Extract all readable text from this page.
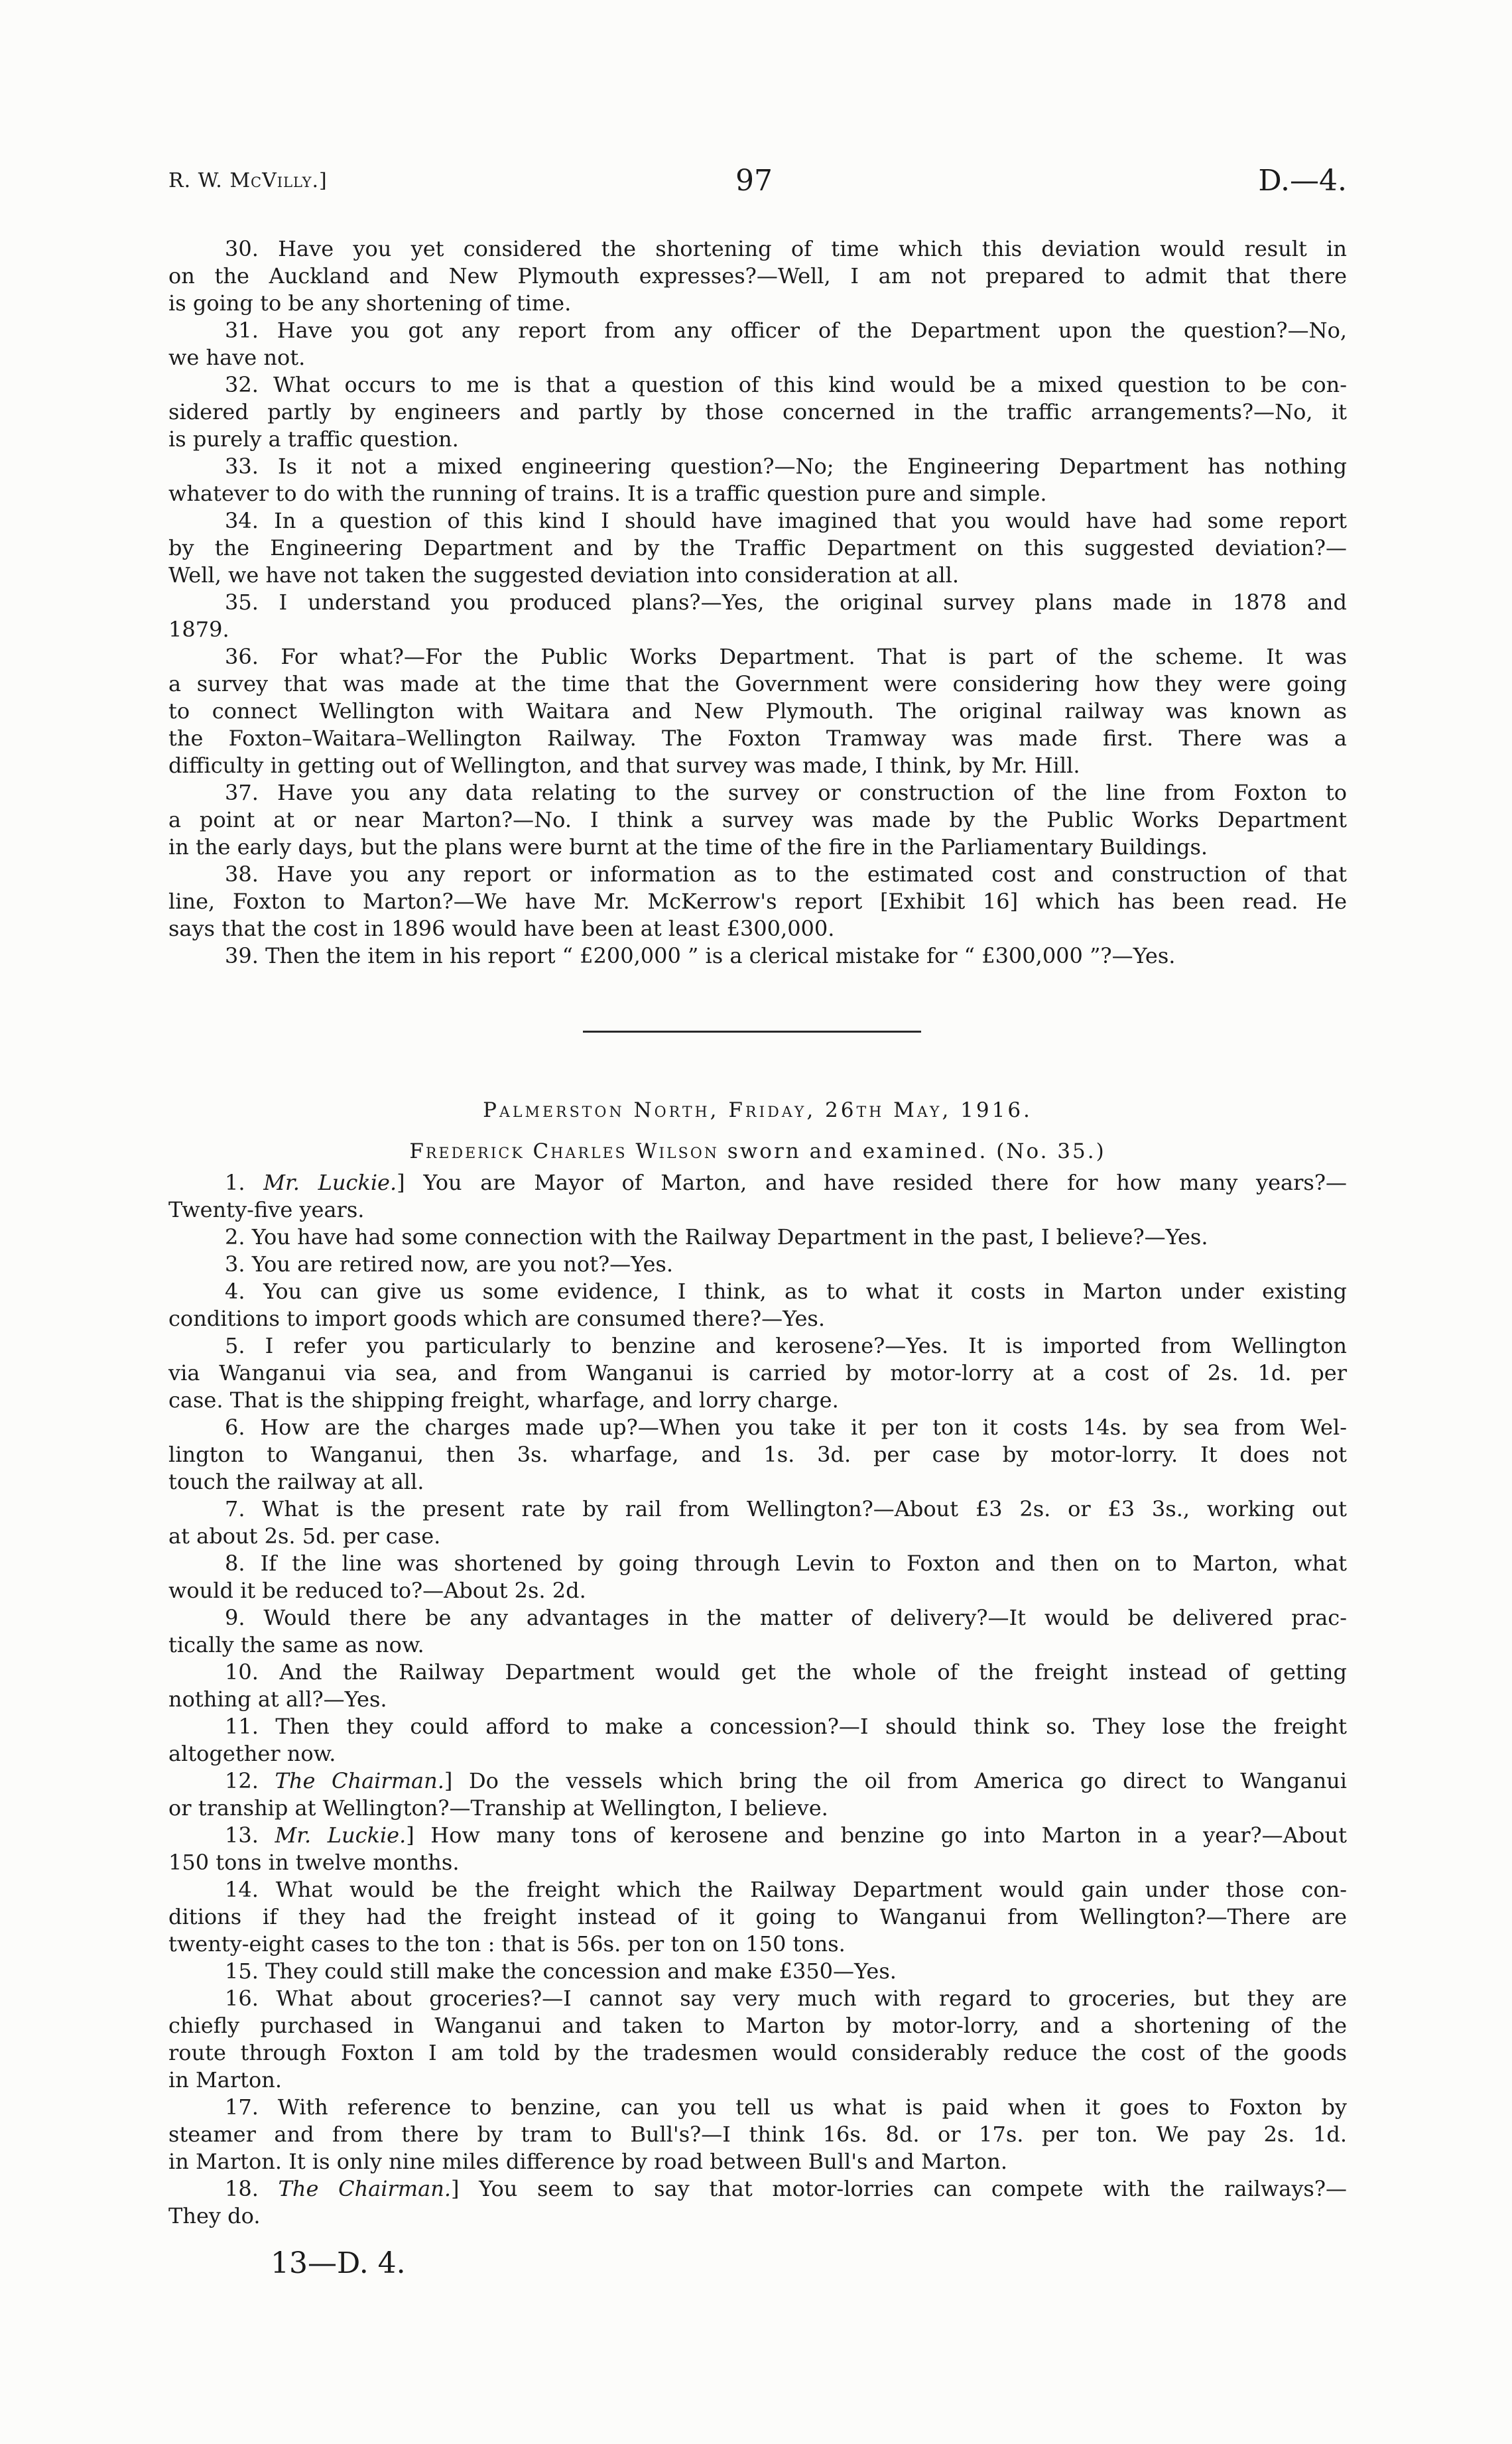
R. W. McVilly.]	97	D.—4.
30. Have you yet considered the shortening of time which this deviation would result in
on the Auckland and New Plymouth expresses?—Well, I am not prepared to admit that there
is going to be any shortening of time.
31. Have you got any report from any officer of the Department upon the question?—No,
we have not.
32. What occurs to me is that a question of this kind would be a mixed question to be con-
sidered partly by engineers and partly by those concerned in the traffic arrangements?—No, it
is purely a traffic question.
33. Is it not a mixed engineering question?—No; the Engineering Department has nothing
whatever to do with the running of trains. It is a traffic question pure and simple.
34. In a question of this kind I should have imagined that you would have had some report
by the Engineering Department and by the Traffic Department on this suggested deviation?—
Well, we have not taken the suggested deviation into consideration at all.
35. I understand you produced plans?—Yes, the original survey plans made in 1878 and
1879.
36. For what?—For the Public Works Department. That is part of the scheme. It was
a survey that was made at the time that the Government were considering how they were going
to connect Wellington with Waitara and New Plymouth. The original railway was known as
the Foxton–Waitara–Wellington Railway. The Foxton Tramway was made first. There was a
difficulty in getting out of Wellington, and that survey was made, I think, by Mr. Hill.
37. Have you any data relating to the survey or construction of the line from Foxton to
a point at or near Marton?—No. I think a survey was made by the Public Works Department
in the early days, but the plans were burnt at the time of the fire in the Parliamentary Buildings.
38. Have you any report or information as to the estimated cost and construction of that
line, Foxton to Marton?—We have Mr. McKerrow's report [Exhibit 16] which has been read. He
says that the cost in 1896 would have been at least £300,000.
39. Then the item in his report “ £200,000 ” is a clerical mistake for “ £300,000 ”?—Yes.
Palmerston North, Friday, 26th May, 1916.
Frederick Charles Wilson sworn and examined. (No. 35.)
1. Mr. Luckie.] You are Mayor of Marton, and have resided there for how many years?—
Twenty-five years.
2. You have had some connection with the Railway Department in the past, I believe?—Yes.
3. You are retired now, are you not?—Yes.
4. You can give us some evidence, I think, as to what it costs in Marton under existing
conditions to import goods which are consumed there?—Yes.
5. I refer you particularly to benzine and kerosene?—Yes. It is imported from Wellington
via Wanganui via sea, and from Wanganui is carried by motor-lorry at a cost of 2s. 1d. per
case. That is the shipping freight, wharfage, and lorry charge.
6. How are the charges made up?—When you take it per ton it costs 14s. by sea from Wel-
lington to Wanganui, then 3s. wharfage, and 1s. 3d. per case by motor-lorry. It does not
touch the railway at all.
7. What is the present rate by rail from Wellington?—About £3 2s. or £3 3s., working out
at about 2s. 5d. per case.
8. If the line was shortened by going through Levin to Foxton and then on to Marton, what
would it be reduced to?—About 2s. 2d.
9. Would there be any advantages in the matter of delivery?—It would be delivered prac-
tically the same as now.
10. And the Railway Department would get the whole of the freight instead of getting
nothing at all?—Yes.
11. Then they could afford to make a concession?—I should think so. They lose the freight
altogether now.
12. The Chairman.] Do the vessels which bring the oil from America go direct to Wanganui
or tranship at Wellington?—Tranship at Wellington, I believe.
13. Mr. Luckie.] How many tons of kerosene and benzine go into Marton in a year?—About
150 tons in twelve months.
14. What would be the freight which the Railway Department would gain under those con-
ditions if they had the freight instead of it going to Wanganui from Wellington?—There are
twenty-eight cases to the ton : that is 56s. per ton on 150 tons.
15. They could still make the concession and make £350—Yes.
16. What about groceries?—I cannot say very much with regard to groceries, but they are
chiefly purchased in Wanganui and taken to Marton by motor-lorry, and a shortening of the
route through Foxton I am told by the tradesmen would considerably reduce the cost of the goods
in Marton.
17. With reference to benzine, can you tell us what is paid when it goes to Foxton by
steamer and from there by tram to Bull's?—I think 16s. 8d. or 17s. per ton. We pay 2s. 1d.
in Marton. It is only nine miles difference by road between Bull's and Marton.
18. The Chairman.] You seem to say that motor-lorries can compete with the railways?—
They do.
13—D. 4.
